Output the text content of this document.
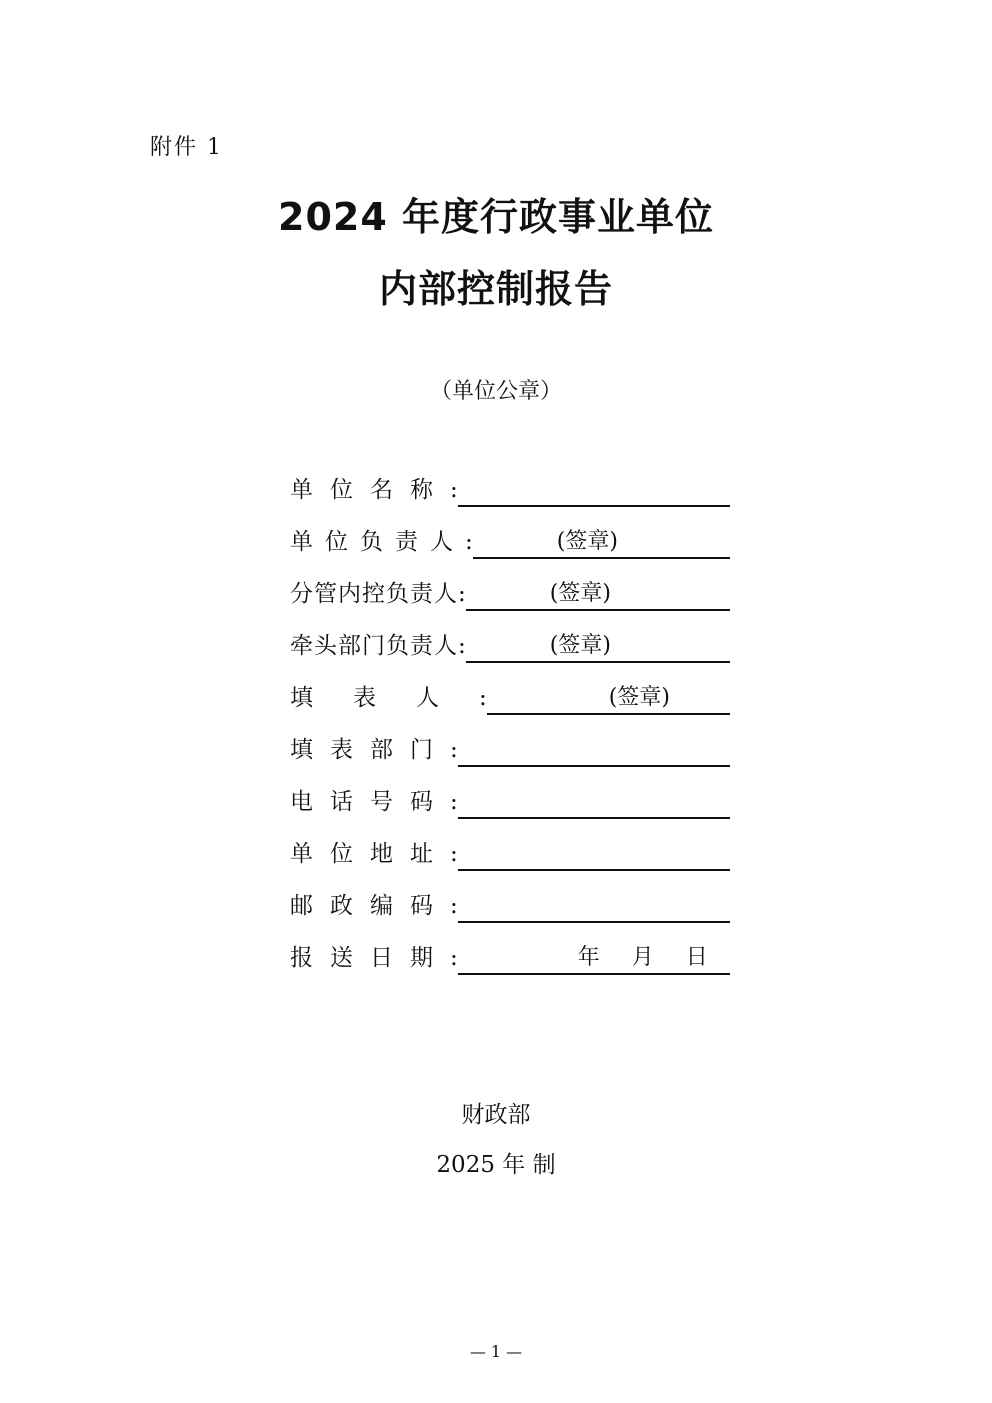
附件 1
2024 年度行政事业单位
内部控制报告
（单位公章）
单位名称:
单位负责人:	(签章)
分管内控负责人:	(签章)
牵头部门负责人:	(签章)
填表人:	(签章)
填表部门:
电话号码:
单位地址:
邮政编码:
报送日期:	年 月 日
财政部
2025 年 制
— 1 —
